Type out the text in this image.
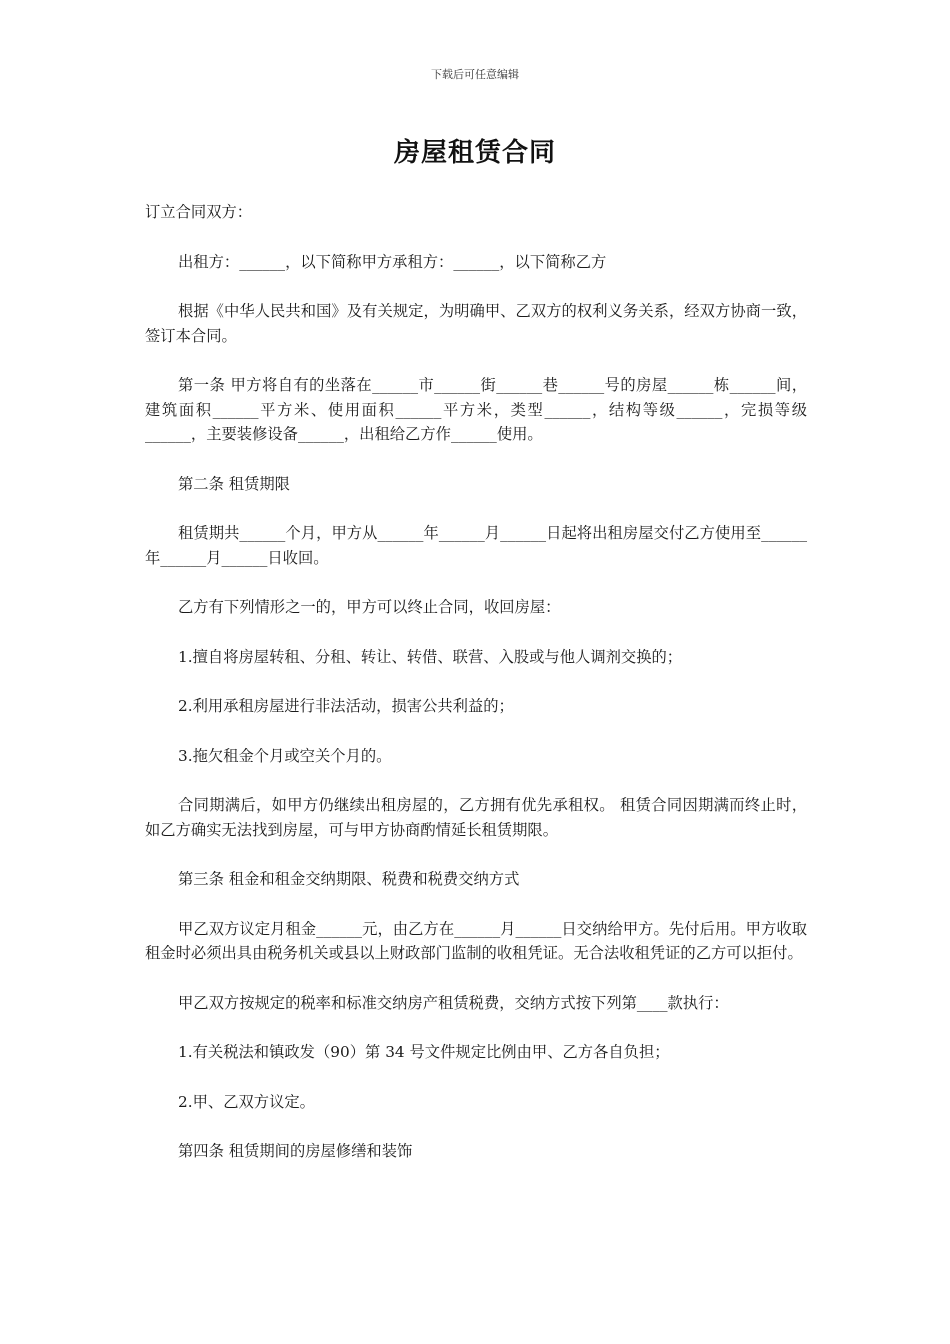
下载后可任意编辑
房屋租赁合同

订立合同双方：

出租方：______，以下简称甲方承租方：______，以下简称乙方

根据《中华人民共和国》及有关规定，为明确甲、乙双方的权利义务关系，经双方协商一致，签订本合同。

第一条 甲方将自有的坐落在______市______街______巷______号的房屋______栋______间，建筑面积______平方米、使用面积______平方米，类型______，结构等级______，完损等级______，主要装修设备______，出租给乙方作______使用。

第二条 租赁期限

租赁期共______个月，甲方从______年______月______日起将出租房屋交付乙方使用至______年______月______日收回。

乙方有下列情形之一的，甲方可以终止合同，收回房屋：

1.擅自将房屋转租、分租、转让、转借、联营、入股或与他人调剂交换的；

2.利用承租房屋进行非法活动，损害公共利益的；

3.拖欠租金个月或空关个月的。

合同期满后，如甲方仍继续出租房屋的，乙方拥有优先承租权。 租赁合同因期满而终止时，如乙方确实无法找到房屋，可与甲方协商酌情延长租赁期限。

第三条 租金和租金交纳期限、税费和税费交纳方式

甲乙双方议定月租金______元，由乙方在______月______日交纳给甲方。先付后用。甲方收取租金时必须出具由税务机关或县以上财政部门监制的收租凭证。无合法收租凭证的乙方可以拒付。

甲乙双方按规定的税率和标准交纳房产租赁税费，交纳方式按下列第____款执行：

1.有关税法和镇政发（90）第 34 号文件规定比例由甲、乙方各自负担；

2.甲、乙双方议定。

第四条 租赁期间的房屋修缮和装饰
